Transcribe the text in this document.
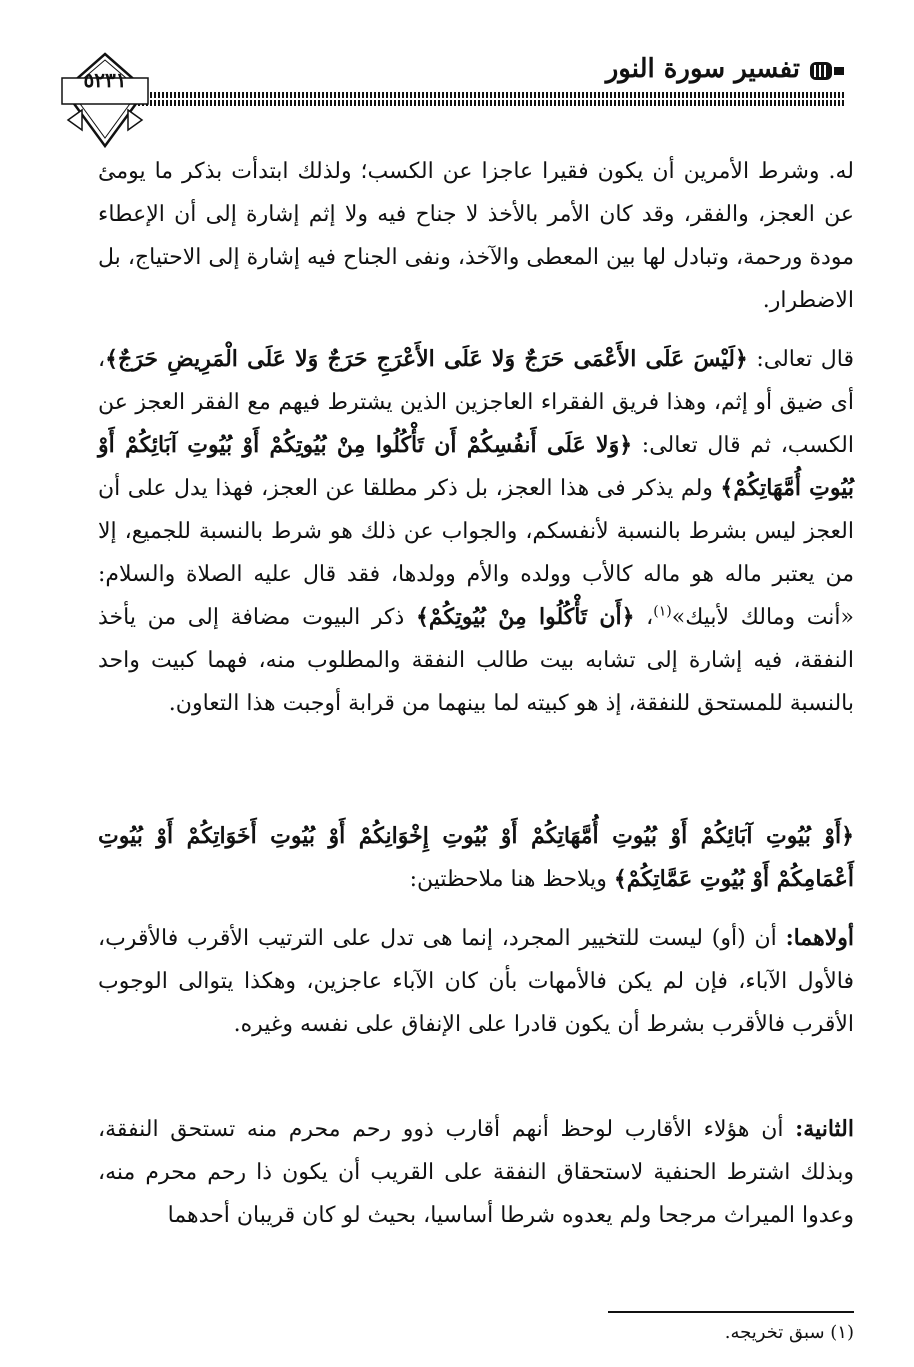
تفسير سورة النور
٥٢٣١

له. وشرط الأمرين أن يكون فقيرا عاجزا عن الكسب؛ ولذلك ابتدأت بذكر ما يومئ عن العجز، والفقر، وقد كان الأمر بالأخذ لا جناح فيه ولا إثم إشارة إلى أن الإعطاء مودة ورحمة، وتبادل لها بين المعطى والآخذ، ونفى الجناح فيه إشارة إلى الاحتياج، بل الاضطرار.

قال تعالى: ﴿لَيْسَ عَلَى الأَعْمَى حَرَجٌ وَلا عَلَى الأَعْرَجِ حَرَجٌ وَلا عَلَى الْمَرِيضِ حَرَجٌ﴾، أى ضيق أو إثم، وهذا فريق الفقراء العاجزين الذين يشترط فيهم مع الفقر العجز عن الكسب، ثم قال تعالى: ﴿وَلا عَلَى أَنفُسِكُمْ أَن تَأْكُلُوا مِنْ بُيُوتِكُمْ أَوْ بُيُوتِ آبَائِكُمْ أَوْ بُيُوتِ أُمَّهَاتِكُمْ﴾ ولم يذكر فى هذا العجز، بل ذكر مطلقا عن العجز، فهذا يدل على أن العجز ليس بشرط بالنسبة لأنفسكم، والجواب عن ذلك هو شرط بالنسبة للجميع، إلا من يعتبر ماله هو ماله كالأب وولده والأم وولدها، فقد قال عليه الصلاة والسلام: «أنت ومالك لأبيك»$^{(١)}$، ﴿أَن تَأْكُلُوا مِنْ بُيُوتِكُمْ﴾ ذكر البيوت مضافة إلى من يأخذ النفقة، فيه إشارة إلى تشابه بيت طالب النفقة والمطلوب منه، فهما كبيت واحد بالنسبة للمستحق للنفقة، إذ هو كبيته لما بينهما من قرابة أوجبت هذا التعاون.

﴿أَوْ بُيُوتِ آبَائِكُمْ أَوْ بُيُوتِ أُمَّهَاتِكُمْ أَوْ بُيُوتِ إِخْوَانِكُمْ أَوْ بُيُوتِ أَخَوَاتِكُمْ أَوْ بُيُوتِ أَعْمَامِكُمْ أَوْ بُيُوتِ عَمَّاتِكُمْ﴾ ويلاحظ هنا ملاحظتين:

أولاهما: أن (أو) ليست للتخيير المجرد، إنما هى تدل على الترتيب الأقرب فالأقرب، فالأول الآباء، فإن لم يكن فالأمهات بأن كان الآباء عاجزين، وهكذا يتوالى الوجوب الأقرب فالأقرب بشرط أن يكون قادرا على الإنفاق على نفسه وغيره.

الثانية: أن هؤلاء الأقارب لوحظ أنهم أقارب ذوو رحم محرم منه تستحق النفقة، وبذلك اشترط الحنفية لاستحقاق النفقة على القريب أن يكون ذا رحم محرم منه، وعدوا الميراث مرجحا ولم يعدوه شرطا أساسيا، بحيث لو كان قريبان أحدهما

(١) سبق تخريجه.
